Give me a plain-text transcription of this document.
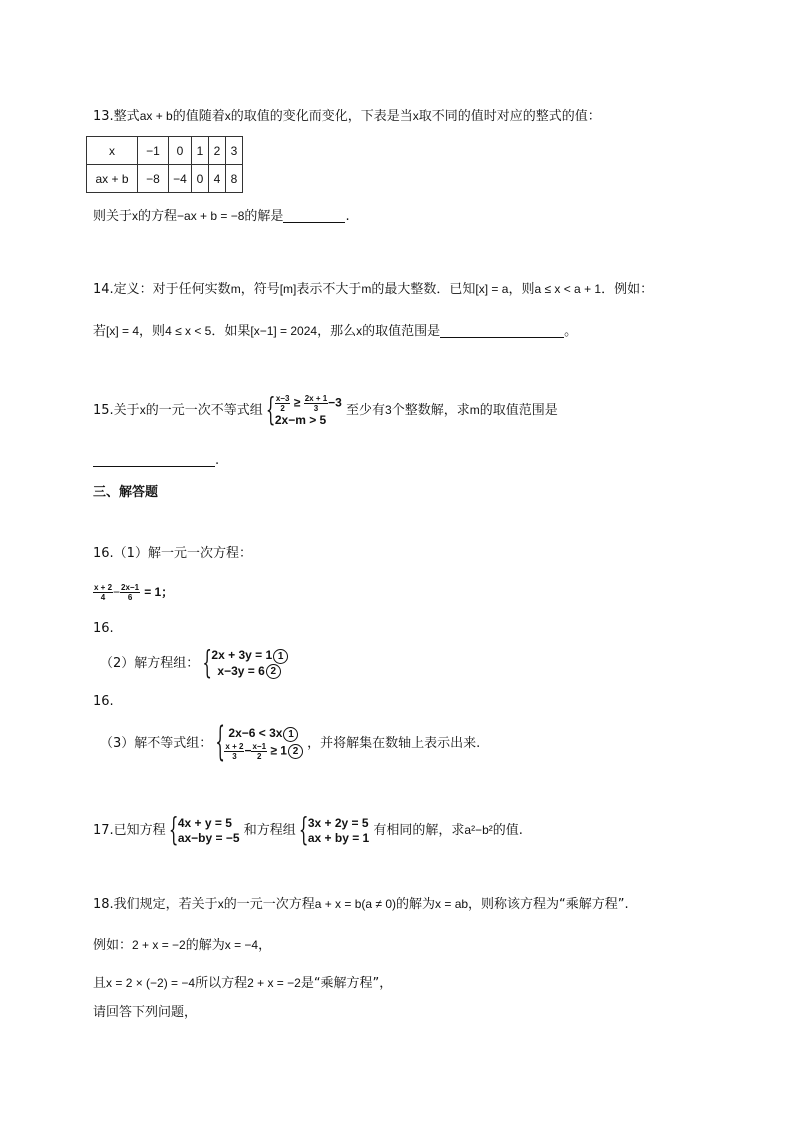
13.整式ax + b的值随着x的取值的变化而变化，下表是当x取不同的值时对应的整式的值：
x	−1	0	1	2	3
ax + b	−8	−4	0	4	8
则关于x的方程−ax + b = −8的解是	.
14.定义：对于任何实数m，符号[m]表示不大于m的最大整数．已知[x] = a，则a ≤ x < a + 1．例如：
若[x] = 4，则4 ≤ x < 5．如果[x−1] = 2024，那么x的取值范围是	。
15.关于x的一元一次不等式组 { $\frac{x-3}{2} \ge \frac{2x + 1}{3} -3$
2x−m > 5
至少有3个整数解，求m的取值范围是
.
三、解答题
16.（1）解一元一次方程：
$\frac{x + 2}{4} - \frac{2x-1}{6} = 1$；
16.
（2）解方程组： { 2x + 3y = 1 1
x−3y = 6 2
16.
（3）解不等式组： { 2x−6 < 3x 1
$\frac{x + 2}{3} - \frac{x-1}{2} \ge 1$ 2
，并将解集在数轴上表示出来.
17.已知方程 { 4x + y = 5
ax−by = −5 和方程组 { 3x + 2y = 5
ax + by = 1 有相同的解，求a²−b²的值.
18.我们规定，若关于x的一元一次方程a + x = b(a ≠ 0)的解为x = ab，则称该方程为“乘解方程”.
例如：2 + x = −2的解为x = −4，
且x = 2 × (−2) = −4所以方程2 + x = −2是“乘解方程”，
请回答下列问题，
